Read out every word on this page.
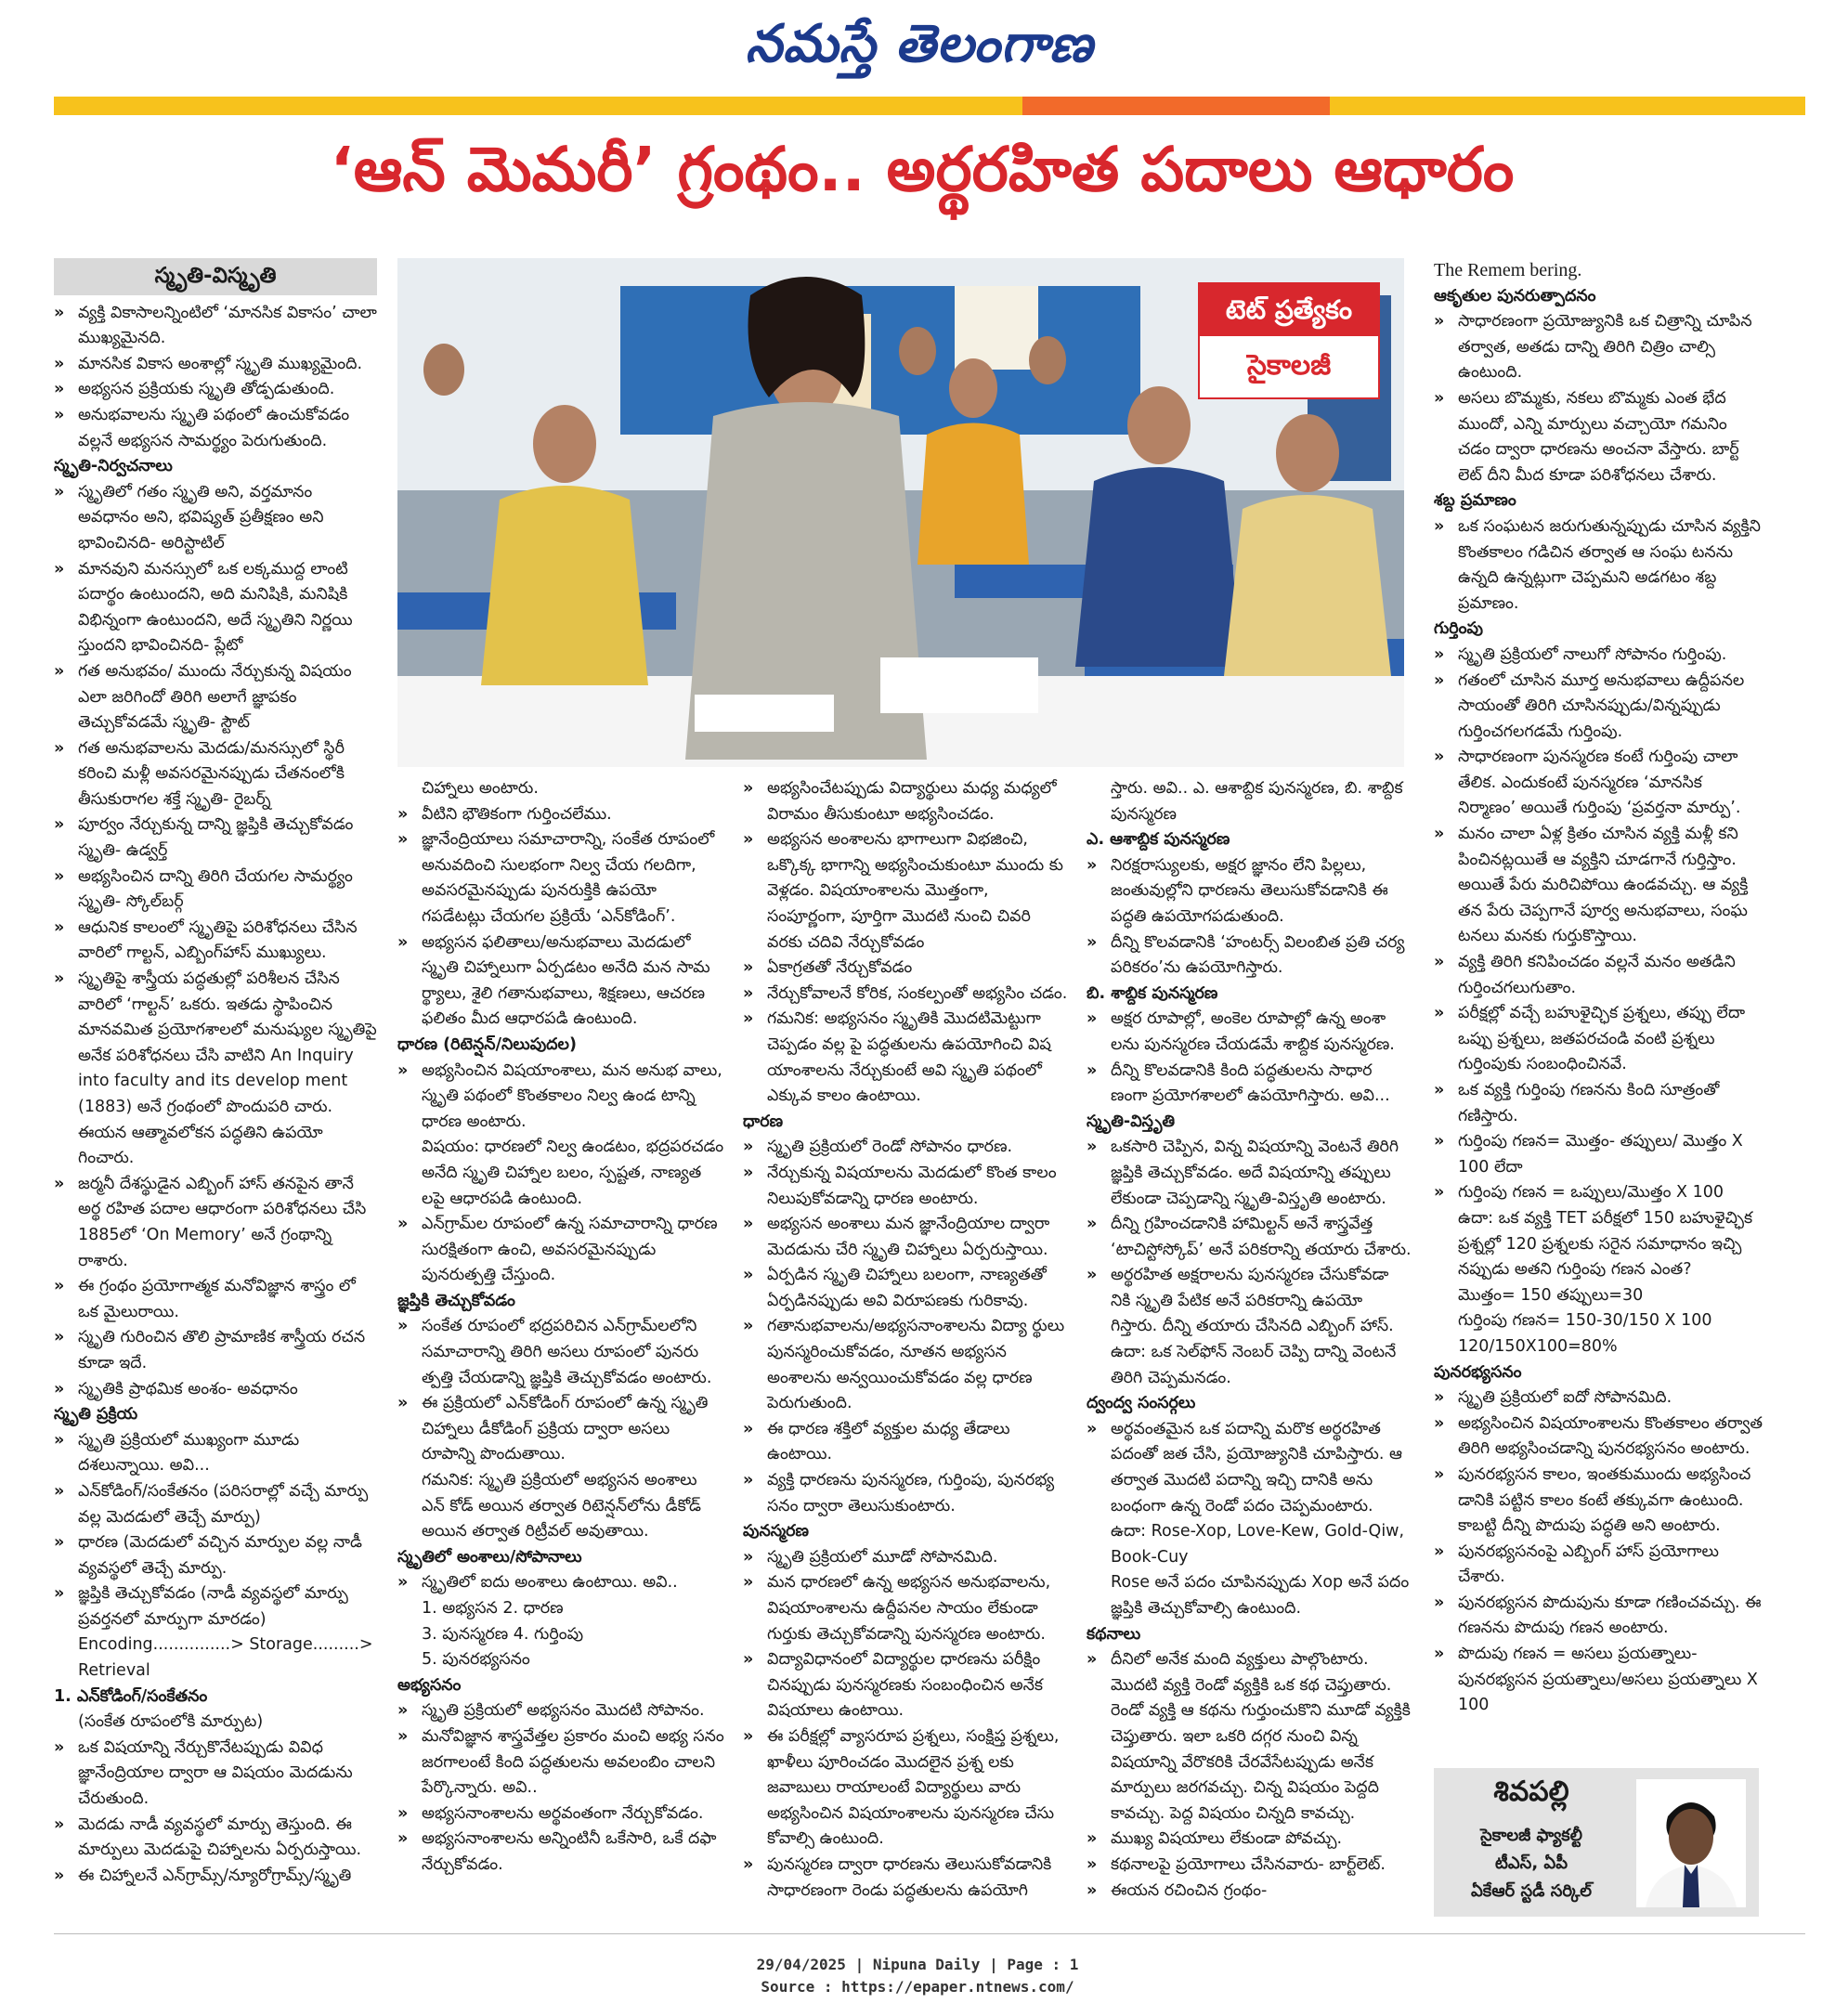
నమస్తే తెలంగాణ
‘ఆన్ మెమరీ’ గ్రంథం.. అర్థరహిత పదాలు ఆధారం
స్మృతి-విస్మృతి

» వ్యక్తి వికాసాలన్నింటిలో ‘మానసిక వికాసం’ చాలా ముఖ్యమైనది.

» మానసిక వికాస అంశాల్లో స్మృతి ముఖ్యమైంది.

» అభ్యసన ప్రక్రియకు స్మృతి తోడ్పడుతుంది.

» అనుభవాలను స్మృతి పథంలో ఉంచుకోవడం వల్లనే అభ్యసన సామర్థ్యం పెరుగుతుంది.

స్మృతి-నిర్వచనాలు

» స్మృతిలో గతం స్మృతి అని, వర్తమానం అవధానం అని, భవిష్యత్ ప్రతీక్షణం అని భావించినది- అరిస్టాటిల్

» మానవుని మనస్సులో ఒక లక్కముద్ద లాంటి పదార్థం ఉంటుందని, అది మనిషికి, మనిషికి విభిన్నంగా ఉంటుందని, అదే స్మృతిని నిర్ణయి స్తుందని భావించినది- ప్లేటో

» గత అనుభవం/ ముందు నేర్చుకున్న విషయం ఎలా జరిగిందో తిరిగి అలాగే జ్ఞాపకం తెచ్చుకోవడమే స్మృతి- స్టౌట్

» గత అనుభవాలను మెదడు/మనస్సులో స్థిరీ కరించి మళ్లీ అవసరమైనప్పుడు చేతనంలోకి తీసుకురాగల శక్తే స్మృతి- రైబర్న్

» పూర్వం నేర్చుకున్న దాన్ని జ్ఞప్తికి తెచ్చుకోవడం స్మృతి- ఉడ్వర్త్

» అభ్యసించిన దాన్ని తిరిగి చేయగల సామర్థ్యం స్మృతి- స్కోల్‌బర్గ్

» ఆధునిక కాలంలో స్మృతిపై పరిశోధనలు చేసిన వారిలో గాల్టన్, ఎబ్బింగ్‌హాస్ ముఖ్యులు.

» స్మృతిపై శాస్త్రీయ పద్ధతుల్లో పరిశీలన చేసిన వారిలో ‘గాల్టన్’ ఒకరు. ఇతడు స్థాపించిన మానవమిత ప్రయోగశాలలో మనుష్యుల స్మృతిపై అనేక పరిశోధనలు చేసి వాటిని An Inquiry into faculty and its develop ment (1883) అనే గ్రంథంలో పొందుపరి చారు. ఈయన ఆత్మావలోకన పద్ధతిని ఉపయో గించారు.

» జర్మనీ దేశస్థుడైన ఎబ్బింగ్ హాస్ తనపైన తానే అర్థ రహిత పదాల ఆధారంగా పరిశోధనలు చేసి 1885లో ‘On Memory’ అనే గ్రంథాన్ని రాశారు.

» ఈ గ్రంథం ప్రయోగాత్మక మనోవిజ్ఞాన శాస్త్రం లో ఒక మైలురాయి.

» స్మృతి గురించిన తొలి ప్రామాణిక శాస్త్రీయ రచన కూడా ఇదే.

» స్మృతికి ప్రాథమిక అంశం- అవధానం

స్మృతి ప్రక్రియ

» స్మృతి ప్రక్రియలో ముఖ్యంగా మూడు దశలున్నాయి. అవి...

» ఎన్‌కోడింగ్/సంకేతనం (పరిసరాల్లో వచ్చే మార్పు వల్ల మెదడులో తెచ్చే మార్పు)

» ధారణ (మెదడులో వచ్చిన మార్పుల వల్ల నాడీ వ్యవస్థలో తెచ్చే మార్పు.

» జ్ఞప్తికి తెచ్చుకోవడం (నాడీ వ్యవస్థలో మార్పు ప్రవర్తనలో మార్పుగా మారడం)

Encoding...............> Storage.........> Retrieval

1. ఎన్‌కోడింగ్/సంకేతనం

(సంకేత రూపంలోకి మార్పుట)

» ఒక విషయాన్ని నేర్చుకొనేటప్పుడు వివిధ జ్ఞానేంద్రియాల ద్వారా ఆ విషయం మెదడును చేరుతుంది.

» మెదడు నాడీ వ్యవస్థలో మార్పు తెస్తుంది. ఈ మార్పులు మెదడుపై చిహ్నాలను ఏర్పరుస్తాయి.

» ఈ చిహ్నాలనే ఎన్‌గ్రామ్స్/న్యూరోగ్రామ్స్/స్మృతి

టెట్ ప్రత్యేకం
సైకాలజీ

చిహ్నాలు అంటారు.

» వీటిని భౌతికంగా గుర్తించలేము.

» జ్ఞానేంద్రియాలు సమాచారాన్ని, సంకేత రూపంలో అనువదించి సులభంగా నిల్వ చేయ గలదిగా, అవసరమైనప్పుడు పునరుక్తికి ఉపయో గపడేటట్లు చేయగల ప్రక్రియే ‘ఎన్‌కోడింగ్’.

» అభ్యసన ఫలితాలు/అనుభవాలు మెదడులో స్మృతి చిహ్నాలుగా ఏర్పడటం అనేది మన సామ ర్థ్యాలు, శైలి గతానుభవాలు, శిక్షణలు, ఆచరణ ఫలితం మీద ఆధారపడి ఉంటుంది.

ధారణ (రిటెన్షన్/నిలుపుదల)

» అభ్యసించిన విషయాంశాలు, మన అనుభ వాలు, స్మృతి పథంలో కొంతకాలం నిల్వ ఉండ టాన్ని ధారణ అంటారు.

విషయం: ధారణలో నిల్వ ఉండటం, భద్రపరచడం అనేది స్మృతి చిహ్నాల బలం, స్పష్టత, నాణ్యత లపై ఆధారపడి ఉంటుంది.

» ఎన్‌గ్రామ్‌ల రూపంలో ఉన్న సమాచారాన్ని ధారణ సురక్షితంగా ఉంచి, అవసరమైనప్పుడు పునరుత్పత్తి చేస్తుంది.

జ్ఞప్తికి తెచ్చుకోవడం

» సంకేత రూపంలో భద్రపరిచిన ఎన్‌గ్రామ్‌లలోని సమాచారాన్ని తిరిగి అసలు రూపంలో పునరు త్పత్తి చేయడాన్ని జ్ఞప్తికి తెచ్చుకోవడం అంటారు.

» ఈ ప్రక్రియలో ఎన్‌కోడింగ్ రూపంలో ఉన్న స్మృతి చిహ్నాలు డీకోడింగ్ ప్రక్రియ ద్వారా అసలు రూపాన్ని పొందుతాయి.

గమనిక: స్మృతి ప్రక్రియలో అభ్యసన అంశాలు ఎన్ కోడ్ అయిన తర్వాత రిటెన్షన్‌లోను డీకోడ్ అయిన తర్వాత రిట్రీవల్ అవుతాయి.

స్మృతిలో అంశాలు/సోపానాలు

» స్మృతిలో ఐదు అంశాలు ఉంటాయి. అవి..

1. అభ్యసన 2. ధారణ

3. పునస్మరణ 4. గుర్తింపు

5. పునరభ్యసనం

అభ్యసనం

» స్మృతి ప్రక్రియలో అభ్యసనం మొదటి సోపానం.

» మనోవిజ్ఞాన శాస్త్రవేత్తల ప్రకారం మంచి అభ్య సనం జరగాలంటే కింది పద్ధతులను అవలంబిం చాలని పేర్కొన్నారు. అవి..

» అభ్యసనాంశాలను అర్థవంతంగా నేర్చుకోవడం.

» అభ్యసనాంశాలను అన్నింటినీ ఒకేసారి, ఒకే దఫా నేర్చుకోవడం.

» అభ్యసించేటప్పుడు విద్యార్థులు మధ్య మధ్యలో విరామం తీసుకుంటూ అభ్యసించడం.

» అభ్యసన అంశాలను భాగాలుగా విభజించి, ఒక్కొక్క భాగాన్ని అభ్యసించుకుంటూ ముందు కు వెళ్లడం. విషయాంశాలను మొత్తంగా, సంపూర్ణంగా, పూర్తిగా మొదటి నుంచి చివరి వరకు చదివి నేర్చుకోవడం

» ఏకాగ్రతతో నేర్చుకోవడం

» నేర్చుకోవాలనే కోరిక, సంకల్పంతో అభ్యసిం చడం.

» గమనిక: అభ్యసనం స్మృతికి మొదటిమెట్టుగా చెప్పడం వల్ల పై పద్ధతులను ఉపయోగించి విష యాంశాలను నేర్చుకుంటే అవి స్మృతి పథంలో ఎక్కువ కాలం ఉంటాయి.

ధారణ

» స్మృతి ప్రక్రియలో రెండో సోపానం ధారణ.

» నేర్చుకున్న విషయాలను మెదడులో కొంత కాలం నిలుపుకోవడాన్ని ధారణ అంటారు.

» అభ్యసన అంశాలు మన జ్ఞానేంద్రియాల ద్వారా మెదడును చేరి స్మృతి చిహ్నాలు ఏర్పరుస్తాయి.

» ఏర్పడిన స్మృతి చిహ్నాలు బలంగా, నాణ్యతతో ఏర్పడినప్పుడు అవి విరూపణకు గురికావు.

» గతానుభవాలను/అభ్యసనాంశాలను విద్యా ర్థులు పునస్మరించుకోవడం, నూతన అభ్యసన అంశాలను అన్వయించుకోవడం వల్ల ధారణ పెరుగుతుంది.

» ఈ ధారణ శక్తిలో వ్యక్తుల మధ్య తేడాలు ఉంటాయి.

» వ్యక్తి ధారణను పునస్మరణ, గుర్తింపు, పునరభ్య సనం ద్వారా తెలుసుకుంటారు.

పునస్మరణ

» స్మృతి ప్రక్రియలో మూడో సోపానమిది.

» మన ధారణలో ఉన్న అభ్యసన అనుభవాలను, విషయాంశాలను ఉద్దీపనల సాయం లేకుండా గుర్తుకు తెచ్చుకోవడాన్ని పునస్మరణ అంటారు.

» విద్యావిధానంలో విద్యార్థుల ధారణను పరీక్షిం చినప్పుడు పునస్మరణకు సంబంధించిన అనేక విషయాలు ఉంటాయి.

» ఈ పరీక్షల్లో వ్యాసరూప ప్రశ్నలు, సంక్షిప్త ప్రశ్నలు, ఖాళీలు పూరించడం మొదలైన ప్రశ్న లకు జవాబులు రాయాలంటే విద్యార్థులు వారు అభ్యసించిన విషయాంశాలను పునస్మరణ చేసు కోవాల్సి ఉంటుంది.

» పునస్మరణ ద్వారా ధారణను తెలుసుకోవడానికి సాధారణంగా రెండు పద్ధతులను ఉపయోగి

స్తారు. అవి.. ఎ. ఆశాబ్దిక పునస్మరణ, బి. శాబ్దిక పునస్మరణ

ఎ. ఆశాబ్దిక పునస్మరణ

» నిరక్షరాస్యులకు, అక్షర జ్ఞానం లేని పిల్లలు, జంతువుల్లోని ధారణను తెలుసుకోవడానికి ఈ పద్ధతి ఉపయోగపడుతుంది.

» దీన్ని కొలవడానికి ‘హంటర్స్ విలంబిత ప్రతి చర్య పరికరం’ను ఉపయోగిస్తారు.

బి. శాబ్దిక పునస్మరణ

» అక్షర రూపాల్లో, అంకెల రూపాల్లో ఉన్న అంశా లను పునస్మరణ చేయడమే శాబ్దిక పునస్మరణ.

» దీన్ని కొలవడానికి కింది పద్ధతులను సాధార ణంగా ప్రయోగశాలలో ఉపయోగిస్తారు. అవి...

స్మృతి-విస్తృతి

» ఒకసారి చెప్పిన, విన్న విషయాన్ని వెంటనే తిరిగి జ్ఞప్తికి తెచ్చుకోవడం. అదే విషయాన్ని తప్పులు లేకుండా చెప్పడాన్ని స్మృతి-విస్తృతి అంటారు.

» దీన్ని గ్రహించడానికి హామిల్టన్ అనే శాస్త్రవేత్త ‘టాచిస్టోస్కోప్’ అనే పరికరాన్ని తయారు చేశారు.

» అర్థరహిత అక్షరాలను పునస్మరణ చేసుకోవడా నికి స్మృతి పేటిక అనే పరికరాన్ని ఉపయో గిస్తారు. దీన్ని తయారు చేసినది ఎబ్బింగ్ హాస్.

ఉదా: ఒక సెల్‌ఫోన్ నెంబర్ చెప్పి దాన్ని వెంటనే తిరిగి చెప్పమనడం.

ద్వంద్వ సంసర్గలు

» అర్థవంతమైన ఒక పదాన్ని మరొక అర్థరహిత పదంతో జత చేసి, ప్రయోజ్యునికి చూపిస్తారు. ఆ తర్వాత మొదటి పదాన్ని ఇచ్చి దానికి అను బంధంగా ఉన్న రెండో పదం చెప్పమంటారు.

ఉదా: Rose-Xop, Love-Kew, Gold-Qiw, Book-Cuy

Rose అనే పదం చూపినప్పుడు Xop అనే పదం జ్ఞప్తికి తెచ్చుకోవాల్సి ఉంటుంది.

కథనాలు

» దీనిలో అనేక మంది వ్యక్తులు పాల్గొంటారు. మొదటి వ్యక్తి రెండో వ్యక్తికి ఒక కథ చెప్తుతారు. రెండో వ్యక్తి ఆ కథను గుర్తుంచుకొని మూడో వ్యక్తికి చెప్తుతారు. ఇలా ఒకరి దగ్గర నుంచి విన్న విషయాన్ని వేరొకరికి చేరవేసేటప్పుడు అనేక మార్పులు జరగవచ్చు. చిన్న విషయం పెద్దది కావచ్చు. పెద్ద విషయం చిన్నది కావచ్చు.

» ముఖ్య విషయాలు లేకుండా పోవచ్చు.

» కథనాలపై ప్రయోగాలు చేసినవారు- బార్ట్‌లెట్.

» ఈయన రచించిన గ్రంథం-

The Remem bering.

ఆకృతుల పునరుత్పాదనం

» సాధారణంగా ప్రయోజ్యునికి ఒక చిత్రాన్ని చూపిన తర్వాత, అతడు దాన్ని తిరిగి చిత్రిం చాల్సి ఉంటుంది.

» అసలు బొమ్మకు, నకలు బొమ్మకు ఎంత భేద ముందో, ఎన్ని మార్పులు వచ్చాయో గమనిం చడం ద్వారా ధారణను అంచనా వేస్తారు. బార్ట్ లెట్ దీని మీద కూడా పరిశోధనలు చేశారు.

శబ్ద ప్రమాణం

» ఒక సంఘటన జరుగుతున్నప్పుడు చూసిన వ్యక్తిని కొంతకాలం గడిచిన తర్వాత ఆ సంఘ టనను ఉన్నది ఉన్నట్లుగా చెప్పమని అడగటం శబ్ద ప్రమాణం.

గుర్తింపు

» స్మృతి ప్రక్రియలో నాలుగో సోపానం గుర్తింపు.

» గతంలో చూసిన మూర్త అనుభవాలు ఉద్దీపనల సాయంతో తిరిగి చూసినప్పుడు/విన్నప్పుడు గుర్తించగలగడమే గుర్తింపు.

» సాధారణంగా పునస్మరణ కంటే గుర్తింపు చాలా తేలిక. ఎందుకంటే పునస్మరణ ‘మానసిక నిర్మాణం’ అయితే గుర్తింపు ‘ప్రవర్తనా మార్పు’.

» మనం చాలా ఏళ్ల క్రితం చూసిన వ్యక్తి మళ్లీ కని పించినట్లయితే ఆ వ్యక్తిని చూడగానే గుర్తిస్తాం. అయితే పేరు మరిచిపోయి ఉండవచ్చు. ఆ వ్యక్తి తన పేరు చెప్పగానే పూర్వ అనుభవాలు, సంఘ టనలు మనకు గుర్తుకొస్తాయి.

» వ్యక్తి తిరిగి కనిపించడం వల్లనే మనం అతడిని గుర్తించగలుగుతాం.

» పరీక్షల్లో వచ్చే బహుళైచ్ఛిక ప్రశ్నలు, తప్పు లేదా ఒప్పు ప్రశ్నలు, జతపరచండి వంటి ప్రశ్నలు గుర్తింపుకు సంబంధించినవే.

» ఒక వ్యక్తి గుర్తింపు గణనను కింది సూత్రంతో గణిస్తారు.

» గుర్తింపు గణన= మొత్తం- తప్పులు/ మొత్తం X 100 లేదా

» గుర్తింపు గణన = ఒప్పులు/మొత్తం X 100

ఉదా: ఒక వ్యక్తి TET పరీక్షలో 150 బహుళైచ్ఛిక ప్రశ్నల్లో 120 ప్రశ్నలకు సరైన సమాధానం ఇచ్చి నప్పుడు అతని గుర్తింపు గణన ఎంత?

మొత్తం= 150 తప్పులు=30

గుర్తింపు గణన= 150-30/150 X 100

120/150X100=80%

పునరభ్యసనం

» స్మృతి ప్రక్రియలో ఐదో సోపానమిది.

» అభ్యసించిన విషయాంశాలను కొంతకాలం తర్వాత తిరిగి అభ్యసించడాన్ని పునరభ్యసనం అంటారు.

» పునరభ్యసన కాలం, ఇంతకుముందు అభ్యసించ డానికి పట్టిన కాలం కంటే తక్కువగా ఉంటుంది. కాబట్టి దీన్ని పొదుపు పద్ధతి అని అంటారు.

» పునరభ్యసనంపై ఎబ్బింగ్ హాస్ ప్రయోగాలు చేశారు.

» పునరభ్యసన పొదుపును కూడా గణించవచ్చు. ఈ గణనను పొదుపు గణన అంటారు.

» పొదుపు గణన = అసలు ప్రయత్నాలు- పునరభ్యసన ప్రయత్నాలు/అసలు ప్రయత్నాలు X 100

శివపల్లి
సైకాలజీ ఫ్యాకల్టీ
టీఎస్, ఏపీ
ఏకేఆర్ స్టడీ సర్కిల్
29/04/2025 | Nipuna Daily | Page : 1
Source : https://epaper.ntnews.com/
